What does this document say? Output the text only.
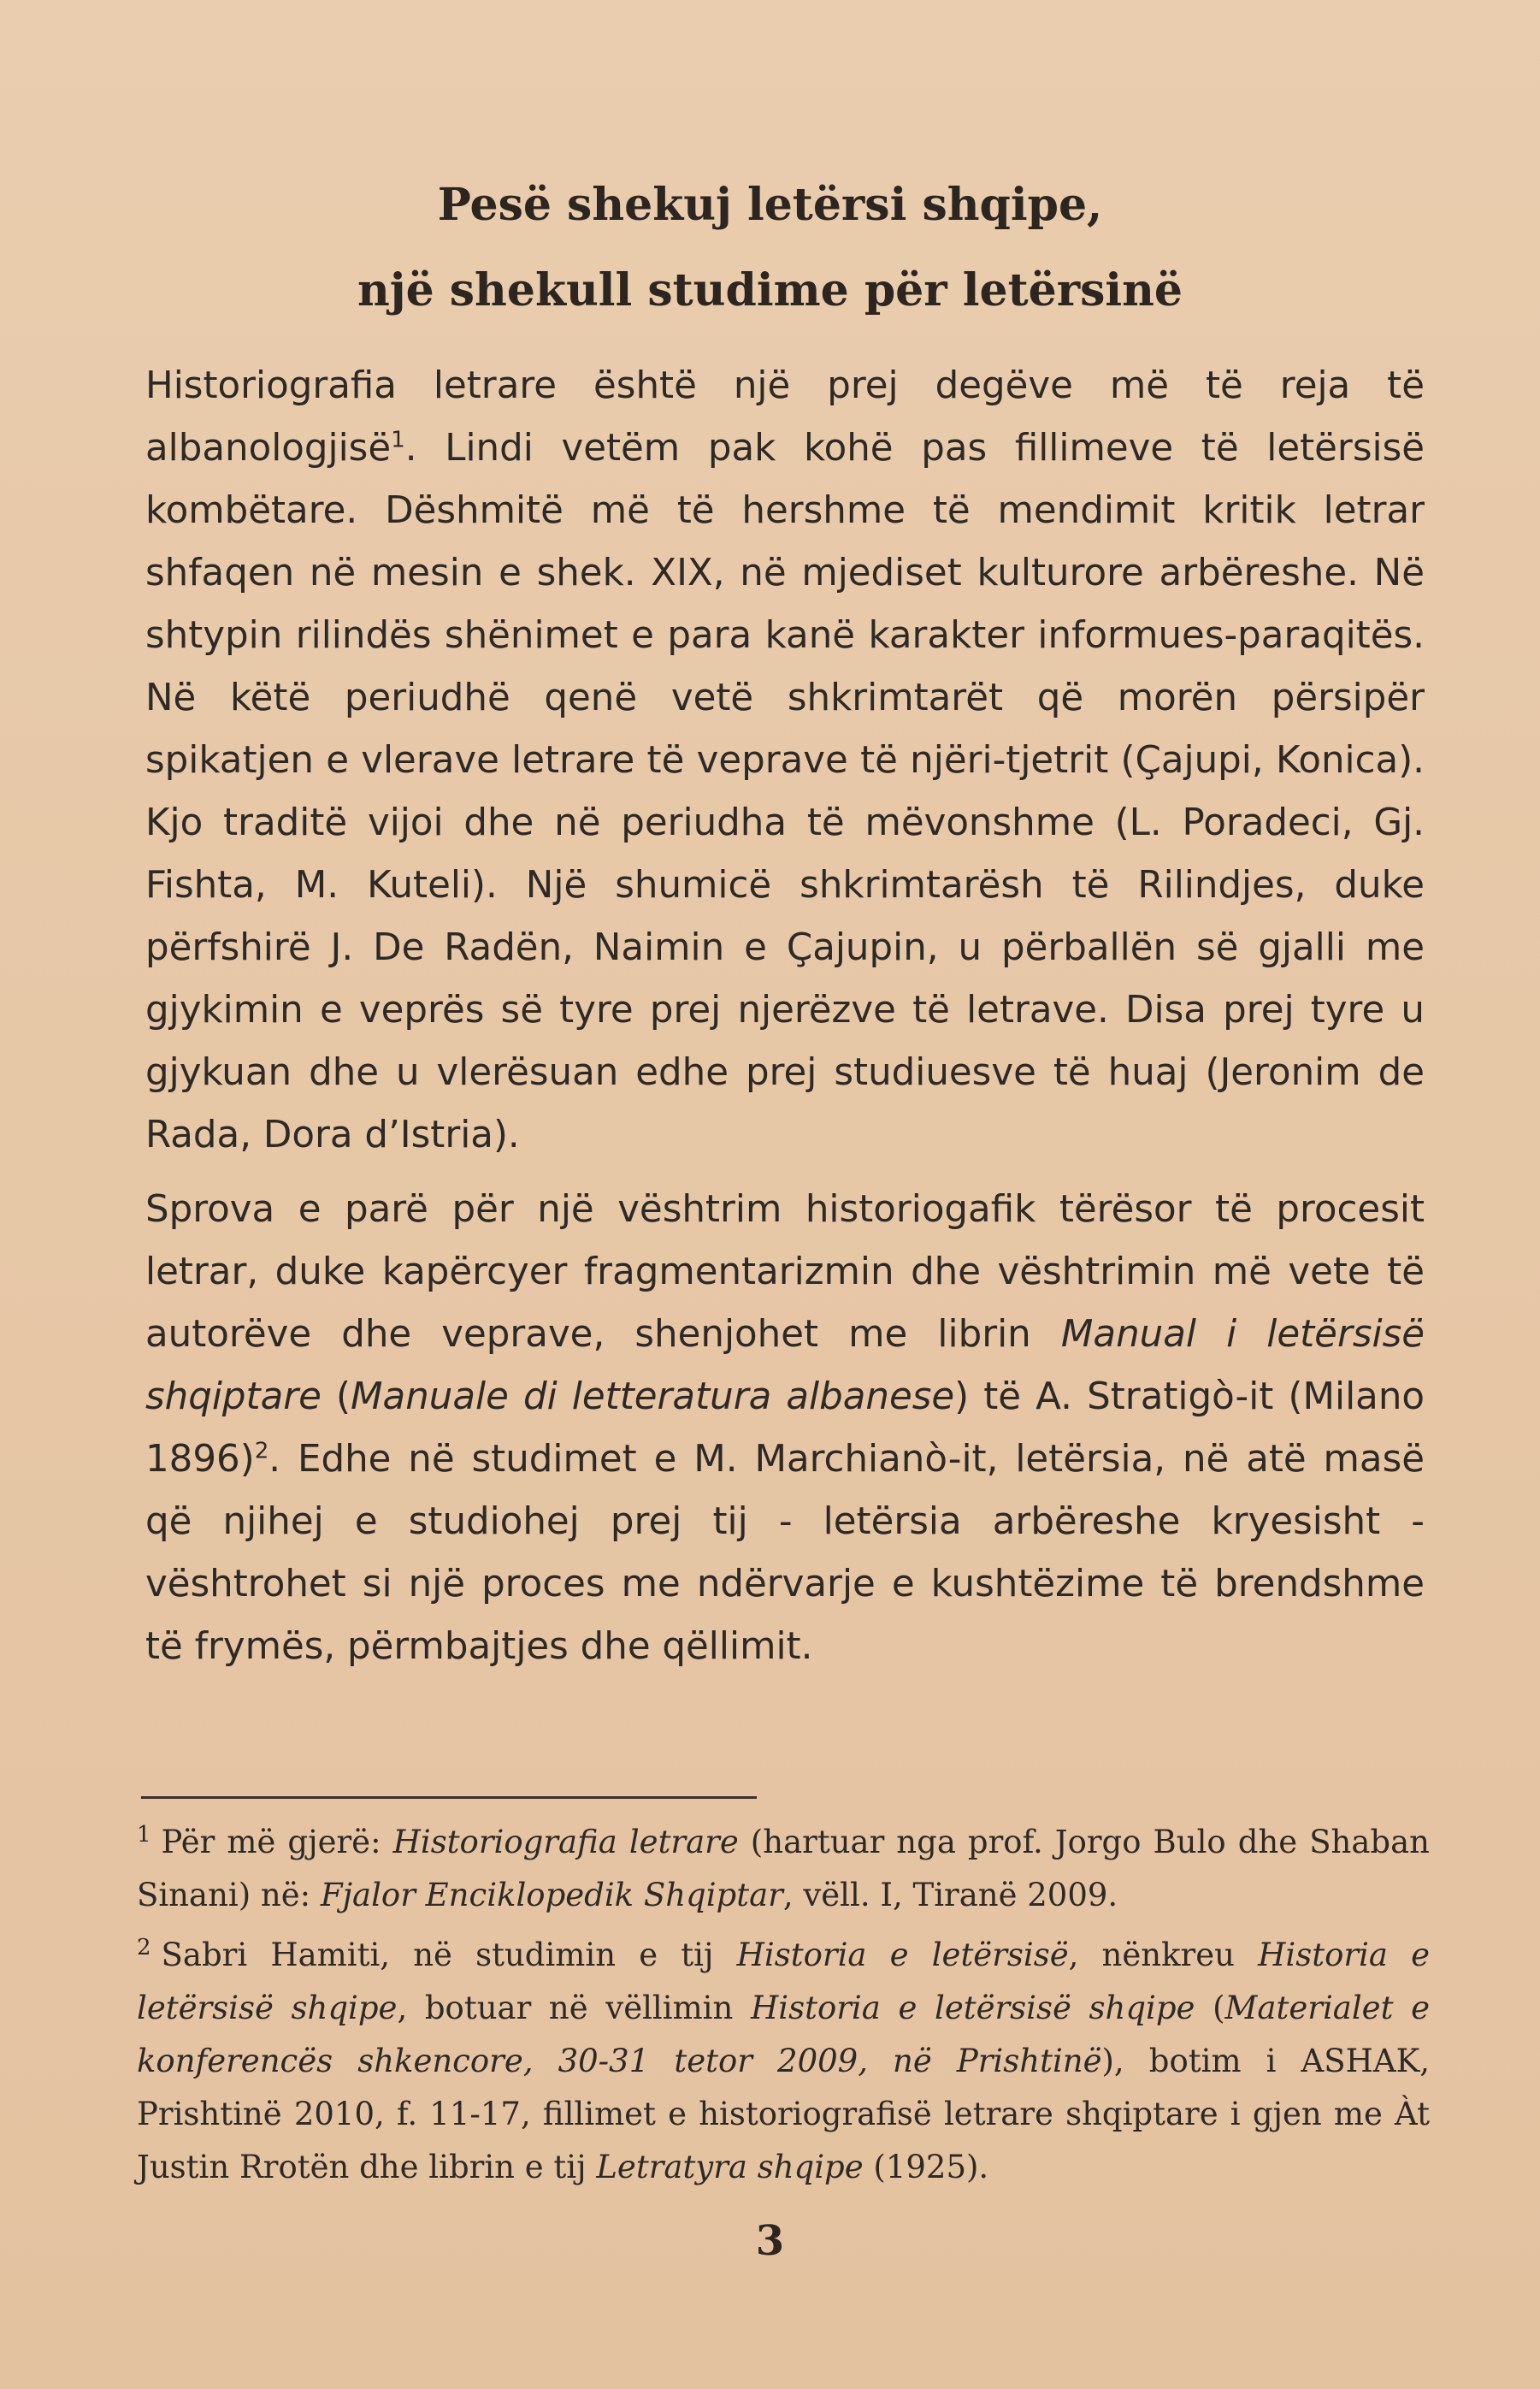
Pesë shekuj letërsi shqipe,
një shekull studime për letërsinë

Historiografia letrare është një prej degëve më të reja të albanologjisë$^1$. Lindi vetëm pak kohë pas fillimeve të letërsisë kombëtare. Dëshmitë më të hershme të mendimit kritik letrar shfaqen në mesin e shek. XIX, në mjediset kulturore arbëreshe. Në shtypin rilindës shënimet e para kanë karakter informues-paraqitës. Në këtë periudhë qenë vetë shkrimtarët që morën përsipër spikatjen e vlerave letrare të veprave të njëri-tjetrit (Çajupi, Konica). Kjo traditë vijoi dhe në periudha të mëvonshme (L. Poradeci, Gj. Fishta, M. Kuteli). Një shumicë shkrimtarësh të Rilindjes, duke përfshirë J. De Radën, Naimin e Çajupin, u përballën së gjalli me gjykimin e veprës së tyre prej njerëzve të letrave. Disa prej tyre u gjykuan dhe u vlerësuan edhe prej studiuesve të huaj (Jeronim de Rada, Dora d’Istria).

Sprova e parë për një vështrim historiogafik tërësor të procesit letrar, duke kapërcyer fragmentarizmin dhe vështrimin më vete të autorëve dhe veprave, shenjohet me librin Manual i letërsisë shqiptare (Manuale di letteratura albanese) të A. Stratigò-it (Milano 1896)$^2$. Edhe në studimet e M. Marchianò-it, letërsia, në atë masë që njihej e studiohej prej tij - letërsia arbëreshe kryesisht - vështrohet si një proces me ndërvarje e kushtëzime të brendshme të frymës, përmbajtjes dhe qëllimit.

$^1$ Për më gjerë: Historiografia letrare (hartuar nga prof. Jorgo Bulo dhe Shaban Sinani) në: Fjalor Enciklopedik Shqiptar, vëll. I, Tiranë 2009.

$^2$ Sabri Hamiti, në studimin e tij Historia e letërsisë, nënkreu Historia e letërsisë shqipe, botuar në vëllimin Historia e letërsisë shqipe (Materialet e konferencës shkencore, 30-31 tetor 2009, në Prishtinë), botim i ASHAK, Prishtinë 2010, f. 11-17, fillimet e historiografisë letrare shqiptare i gjen me Àt Justin Rrotën dhe librin e tij Letratyra shqipe (1925).

3
